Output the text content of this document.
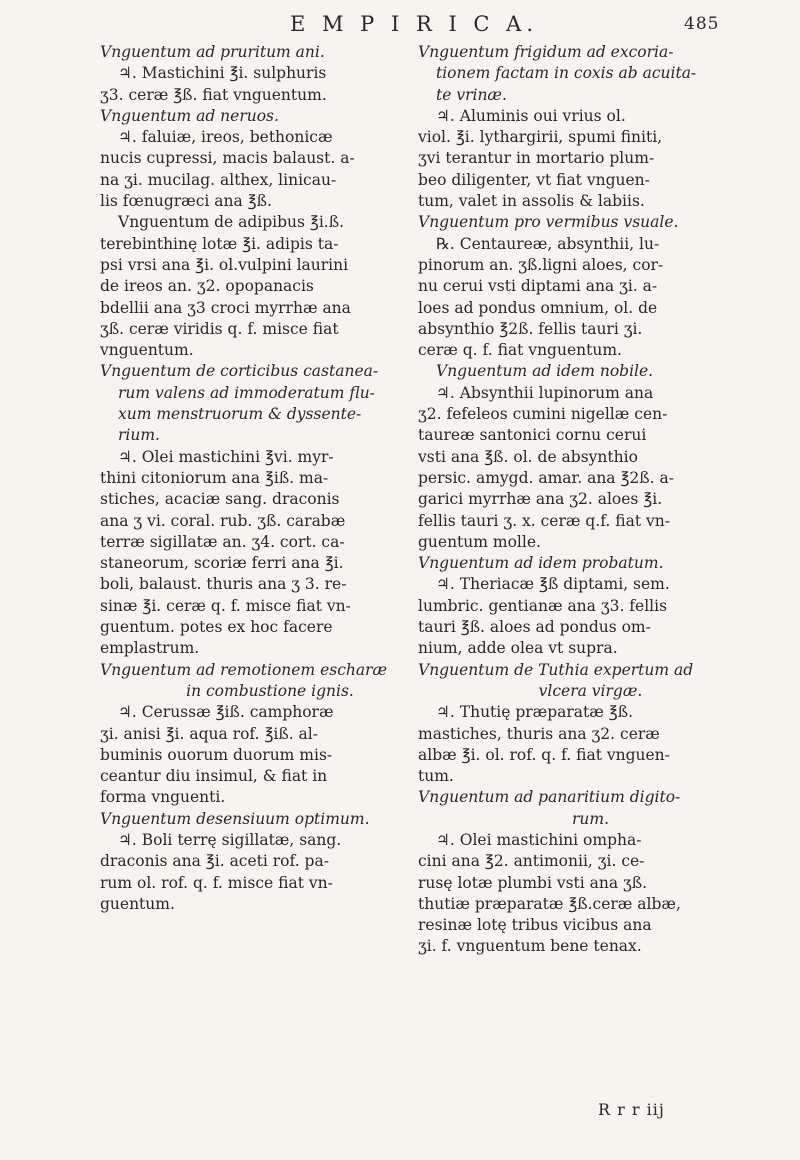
E M P I R I C A.	485
Vnguentum ad pruritum ani.
♃. Mastichini ℥i. sulphuris
ʒ3. ceræ ℥ß. fiat vnguentum.
Vnguentum ad neruos.
♃. faluiæ, ireos, bethonicæ
nucis cupressi, macis balaust. a-
na ʒi. mucilag. althex, linicau-
lis fœnugræci ana ℥ß.
Vnguentum de adipibus ℥i.ß.
terebinthinę lotæ ℥i. adipis ta-
psi vrsi ana ℥i. ol.vulpini laurini
de ireos an. ʒ2. opopanacis
bdellii ana ʒ3 croci myrrhæ ana
ʒß. ceræ viridis q. f. misce fiat
vnguentum.
Vnguentum de corticibus castanea-
rum valens ad immoderatum flu-
xum menstruorum & dyssente-
rium.
♃. Olei mastichini ℥vi. myr-
thini citoniorum ana ℥iß. ma-
stiches, acaciæ sang. draconis
ana ʒ vi. coral. rub. ʒß. carabæ
terræ sigillatæ an. ʒ4. cort. ca-
staneorum, scoriæ ferri ana ℥i.
boli, balaust. thuris ana ʒ 3. re-
sinæ ℥i. ceræ q. f. misce fiat vn-
guentum. potes ex hoc facere
emplastrum.
Vnguentum ad remotionem escharæ
in combustione ignis.
♃. Cerussæ ℥iß. camphoræ
ʒi. anisi ℥i. aqua rof. ℥iß. al-
buminis ouorum duorum mis-
ceantur diu insimul, & fiat in
forma vnguenti.
Vnguentum desensiuum optimum.
♃. Boli terrę sigillatæ, sang.
draconis ana ℥i. aceti rof. pa-
rum ol. rof. q. f. misce fiat vn-
guentum.
Vnguentum frigidum ad excoria-
tionem factam in coxis ab acuita-
te vrinæ.
♃. Aluminis oui vrius ol.
viol. ℥i. lythargirii, spumi finiti,
ʒvi terantur in mortario plum-
beo diligenter, vt fiat vnguen-
tum, valet in assolis & labiis.
Vnguentum pro vermibus vsuale.
℞. Centaureæ, absynthii, lu-
pinorum an. ʒß.ligni aloes, cor-
nu cerui vsti diptami ana ʒi. a-
loes ad pondus omnium, ol. de
absynthio ℥2ß. fellis tauri ʒi.
ceræ q. f. fiat vnguentum.
Vnguentum ad idem nobile.
♃. Absynthii lupinorum ana
ʒ2. fefeleos cumini nigellæ cen-
taureæ santonici cornu cerui
vsti ana ℥ß. ol. de absynthio
persic. amygd. amar. ana ℥2ß. a-
garici myrrhæ ana ʒ2. aloes ℥i.
fellis tauri ʒ. x. ceræ q.f. fiat vn-
guentum molle.
Vnguentum ad idem probatum.
♃. Theriacæ ℥ß diptami, sem.
lumbric. gentianæ ana ʒ3. fellis
tauri ℥ß. aloes ad pondus om-
nium, adde olea vt supra.
Vnguentum de Tuthia expertum ad
vlcera virgæ.
♃. Thutię præparatæ ℥ß.
mastiches, thuris ana ʒ2. ceræ
albæ ℥i. ol. rof. q. f. fiat vnguen-
tum.
Vnguentum ad panaritium digito-
rum.
♃. Olei mastichini ompha-
cini ana ℥2. antimonii, ʒi. ce-
rusę lotæ plumbi vsti ana ʒß.
thutiæ præparatæ ℥ß.ceræ albæ,
resinæ lotę tribus vicibus ana
ʒi. f. vnguentum bene tenax.
R r r iij
